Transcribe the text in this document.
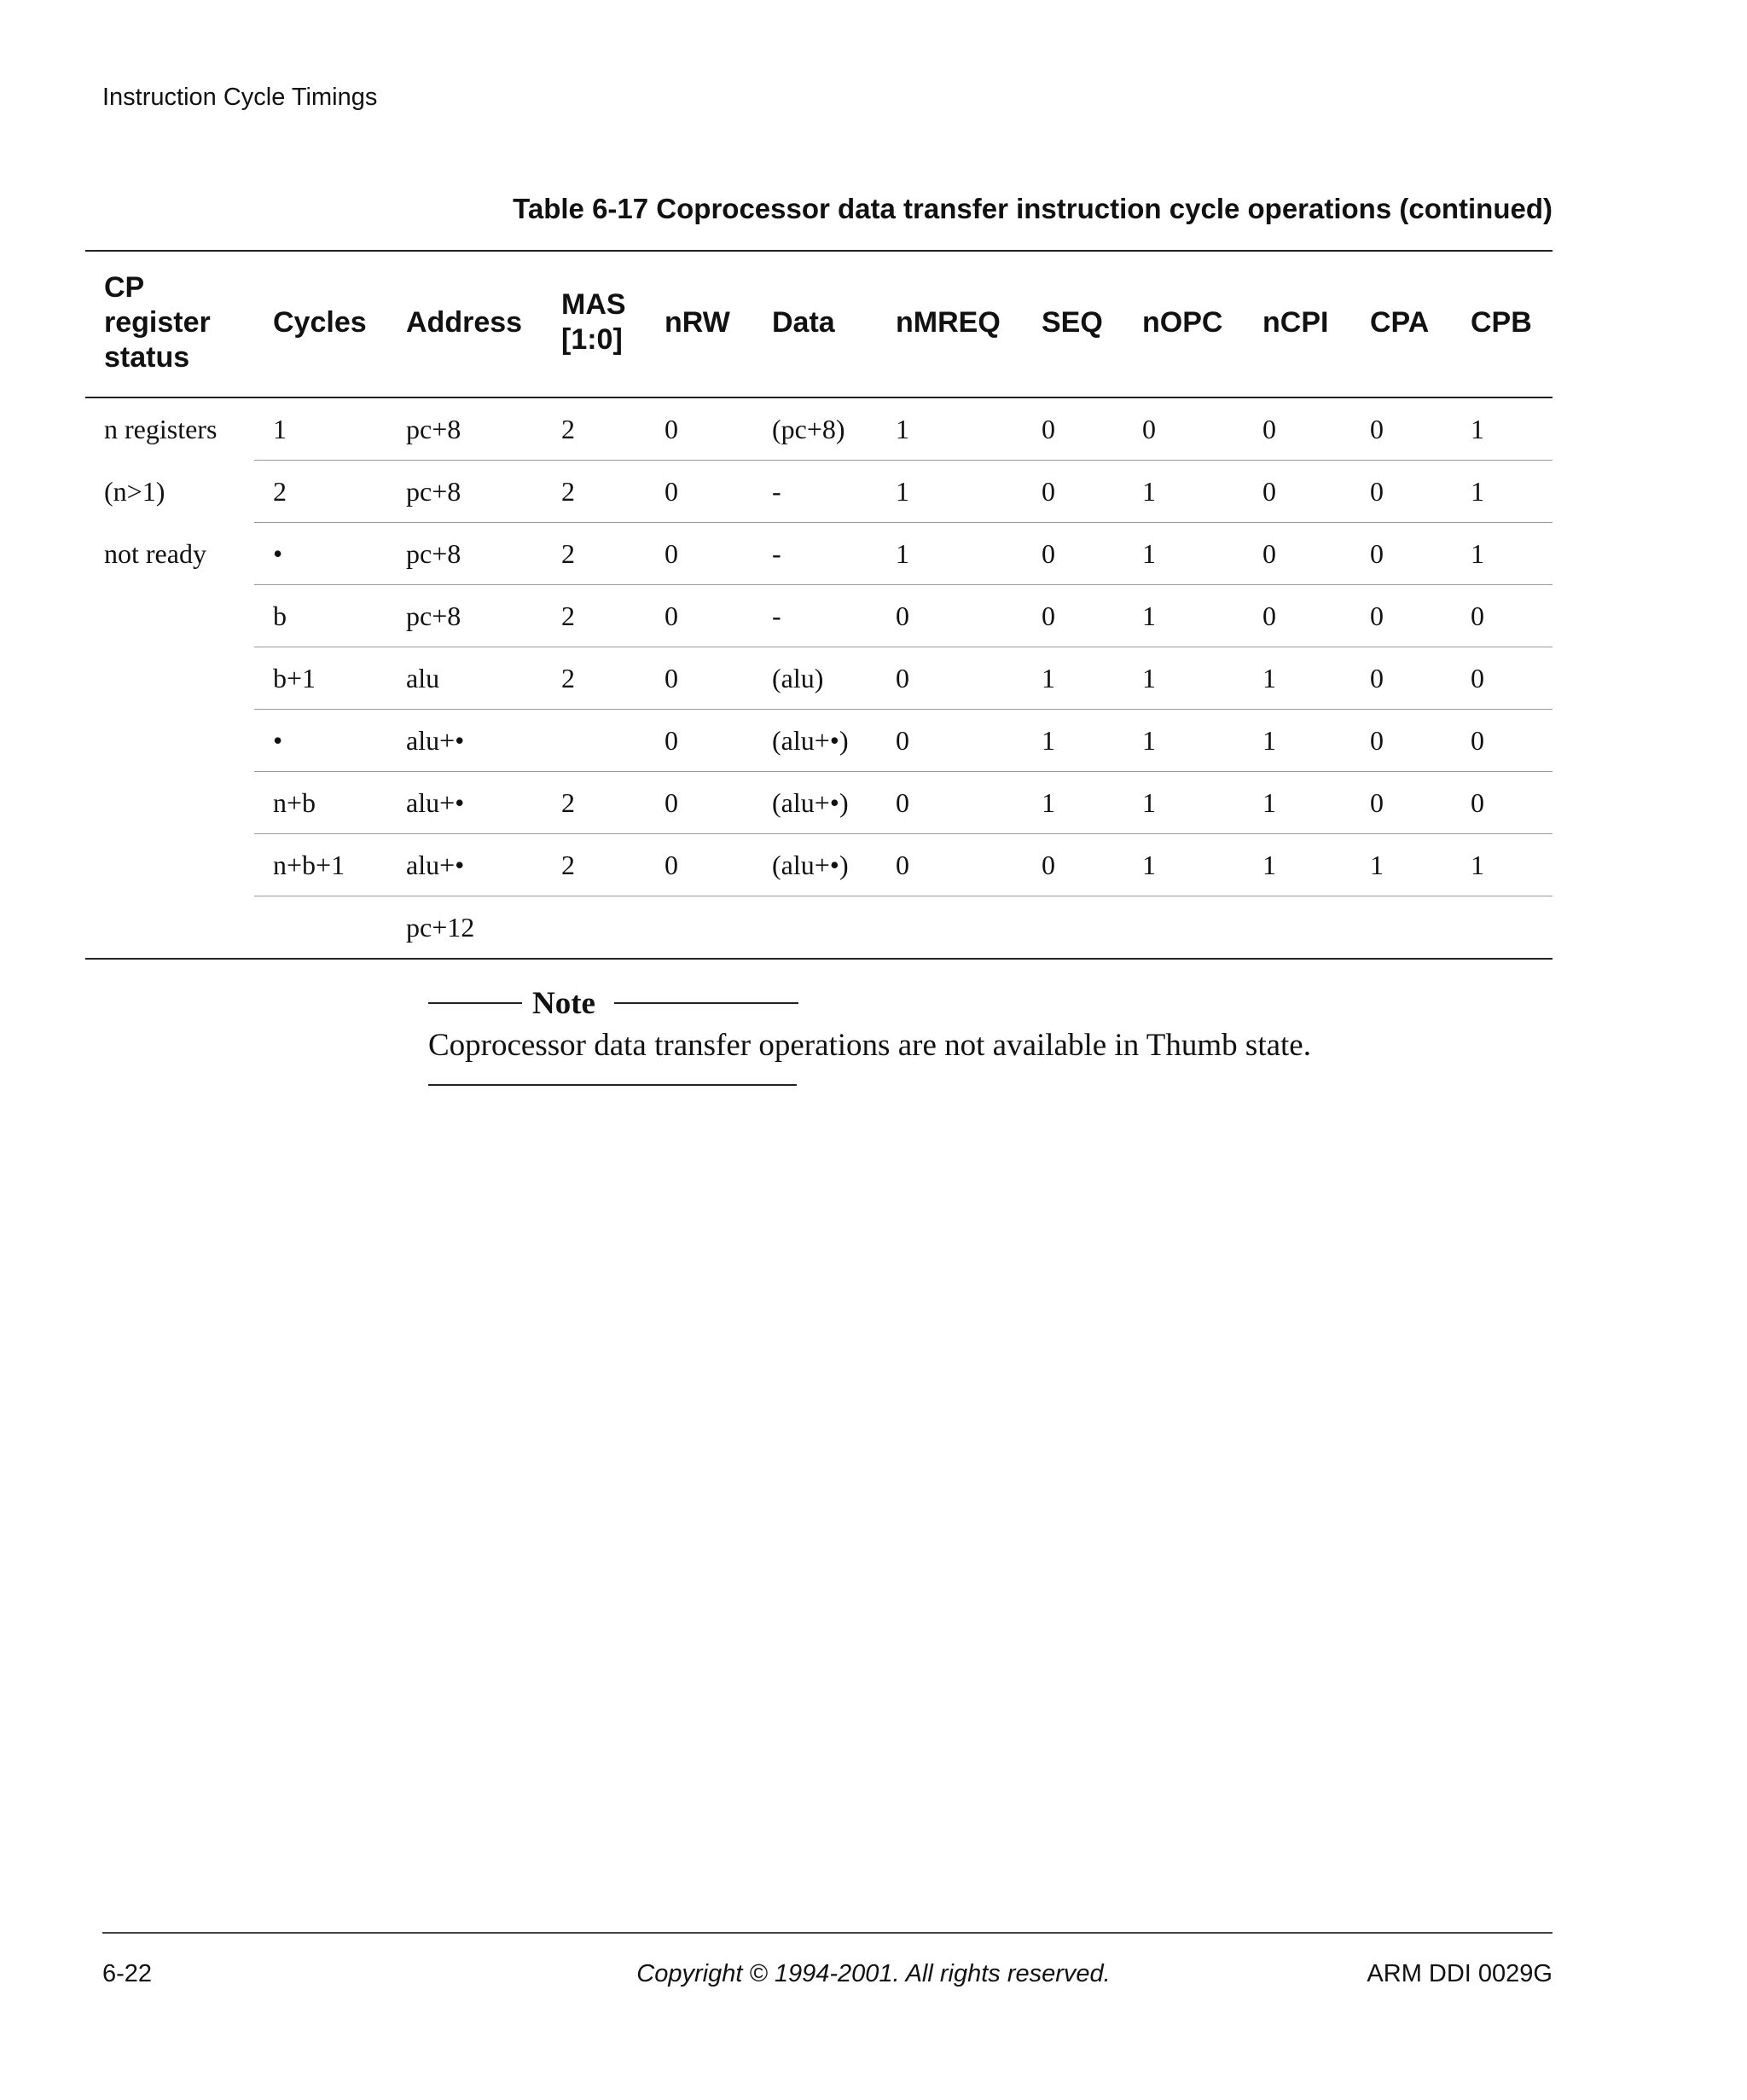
Instruction Cycle Timings
Table 6-17 Coprocessor data transfer instruction cycle operations (continued)
CP register status	Cycles	Address	MAS [1:0]	nRW	Data	nMREQ	SEQ	nOPC	nCPI	CPA	CPB
n registers	1	pc+8	2	0	(pc+8)	1	0	0	0	0	1
(n>1)	2	pc+8	2	0	-	1	0	1	0	0	1
not ready	•	pc+8	2	0	-	1	0	1	0	0	1
	b	pc+8	2	0	-	0	0	1	0	0	0
	b+1	alu	2	0	(alu)	0	1	1	1	0	0
	•	alu+•		0	(alu+•)	0	1	1	1	0	0
	n+b	alu+•	2	0	(alu+•)	0	1	1	1	0	0
	n+b+1	alu+•	2	0	(alu+•)	0	0	1	1	1	1
		pc+12									
Note
Coprocessor data transfer operations are not available in Thumb state.
6-22	Copyright © 1994-2001. All rights reserved.	ARM DDI 0029G
